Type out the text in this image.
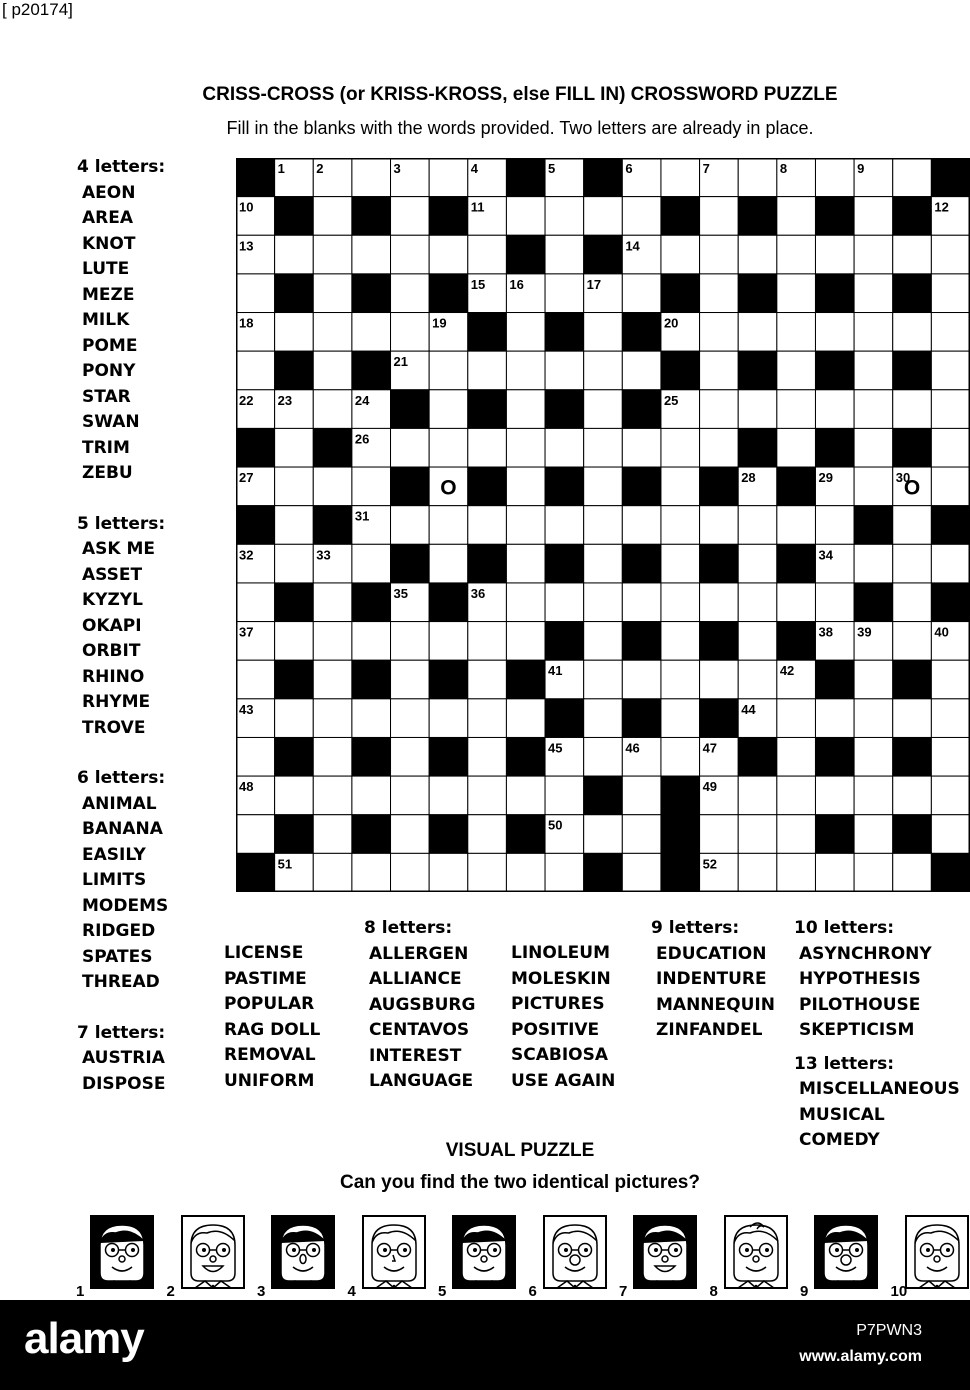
[ p20174]
CRISS-CROSS (or KRISS-KROSS, else FILL IN) CROSSWORD PUZZLE
Fill in the blanks with the words provided. Two letters are already in place.
1 2	3	4	5	6	7	8	9
10	11	12
13	14
15 16	17
18	19	20
21
22 23	24	25
26
27	28	29	30
31
32	33	34
35	36
37	38 39	40
41	42
43	44
45	46	47
48	49
50
51	52
O	O
4 letters:
AEON
AREA
KNOT
LUTE
MEZE
MILK
POME
PONY
STAR
SWAN
TRIM
ZEBU
5 letters:
ASK ME
ASSET
KYZYL
OKAPI
ORBIT
RHINO
RHYME
TROVE
6 letters:
ANIMAL
BANANA
EASILY
LIMITS
MODEMS
RIDGED
SPATES
THREAD
7 letters:
AUSTRIA
DISPOSE
LICENSE
PASTIME
POPULAR
RAG DOLL
REMOVAL
UNIFORM
8 letters:
ALLERGEN
ALLIANCE
AUGSBURG
CENTAVOS
INTEREST
LANGUAGE
LINOLEUM
MOLESKIN
PICTURES
POSITIVE
SCABIOSA
USE AGAIN
9 letters:
EDUCATION
INDENTURE
MANNEQUIN
ZINFANDEL
10 letters:
ASYNCHRONY
HYPOTHESIS
PILOTHOUSE
SKEPTICISM
13 letters:
MISCELLANEOUS
MUSICAL COMEDY
VISUAL PUZZLE
Can you find the two identical pictures?
1	2	3	4	5	6	7	8	9	10
alamy	P7PWN3
www.alamy.com
